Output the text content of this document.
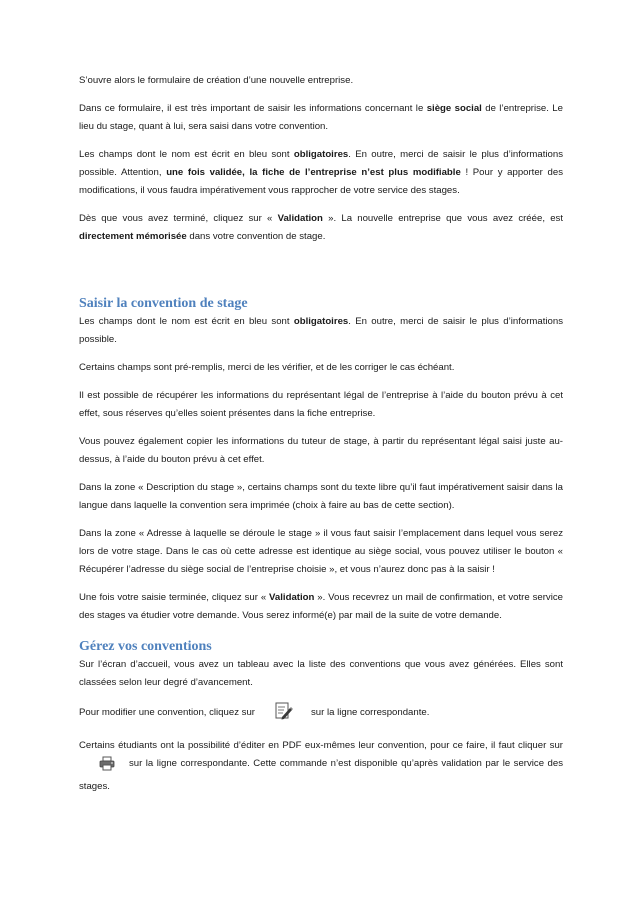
S’ouvre alors le formulaire de création d’une nouvelle entreprise.

Dans ce formulaire, il est très important de saisir les informations concernant le siège social de l’entreprise. Le lieu du stage, quant à lui, sera saisi dans votre convention.

Les champs dont le nom est écrit en bleu sont obligatoires. En outre, merci de saisir le plus d’informations possible. Attention, une fois validée, la fiche de l’entreprise n’est plus modifiable ! Pour y apporter des modifications, il vous faudra impérativement vous rapprocher de votre service des stages.

Dès que vous avez terminé, cliquez sur « Validation ». La nouvelle entreprise que vous avez créée, est directement mémorisée dans votre convention de stage.

Saisir la convention de stage

Les champs dont le nom est écrit en bleu sont obligatoires. En outre, merci de saisir le plus d’informations possible.

Certains champs sont pré-remplis, merci de les vérifier, et de les corriger le cas échéant.

Il est possible de récupérer les informations du représentant légal de l’entreprise à l’aide du bouton prévu à cet effet, sous réserves qu’elles soient présentes dans la fiche entreprise.

Vous pouvez également copier les informations du tuteur de stage, à partir du représentant légal saisi juste au-dessus, à l’aide du bouton prévu à cet effet.

Dans la zone « Description du stage », certains champs sont du texte libre qu’il faut impérativement saisir dans la langue dans laquelle la convention sera imprimée (choix à faire au bas de cette section).

Dans la zone « Adresse à laquelle se déroule le stage » il vous faut saisir l’emplacement dans lequel vous serez lors de votre stage. Dans le cas où cette adresse est identique au siège social, vous pouvez utiliser le bouton « Récupérer l’adresse du siège social de l’entreprise choisie », et vous n’aurez donc pas à la saisir !

Une fois votre saisie terminée, cliquez sur « Validation ». Vous recevrez un mail de confirmation, et votre service des stages va étudier votre demande. Vous serez informé(e) par mail de la suite de votre demande.

Gérez vos conventions

Sur l’écran d’accueil, vous avez un tableau avec la liste des conventions que vous avez générées. Elles sont classées selon leur degré d’avancement.

Pour modifier une convention, cliquez sur	sur la ligne correspondante.

Certains étudiants ont la possibilité d’éditer en PDF eux-mêmes leur convention, pour ce faire, il faut cliquer sursur la ligne correspondante. Cette commande n’est disponible qu’après validation par le service des stages.
